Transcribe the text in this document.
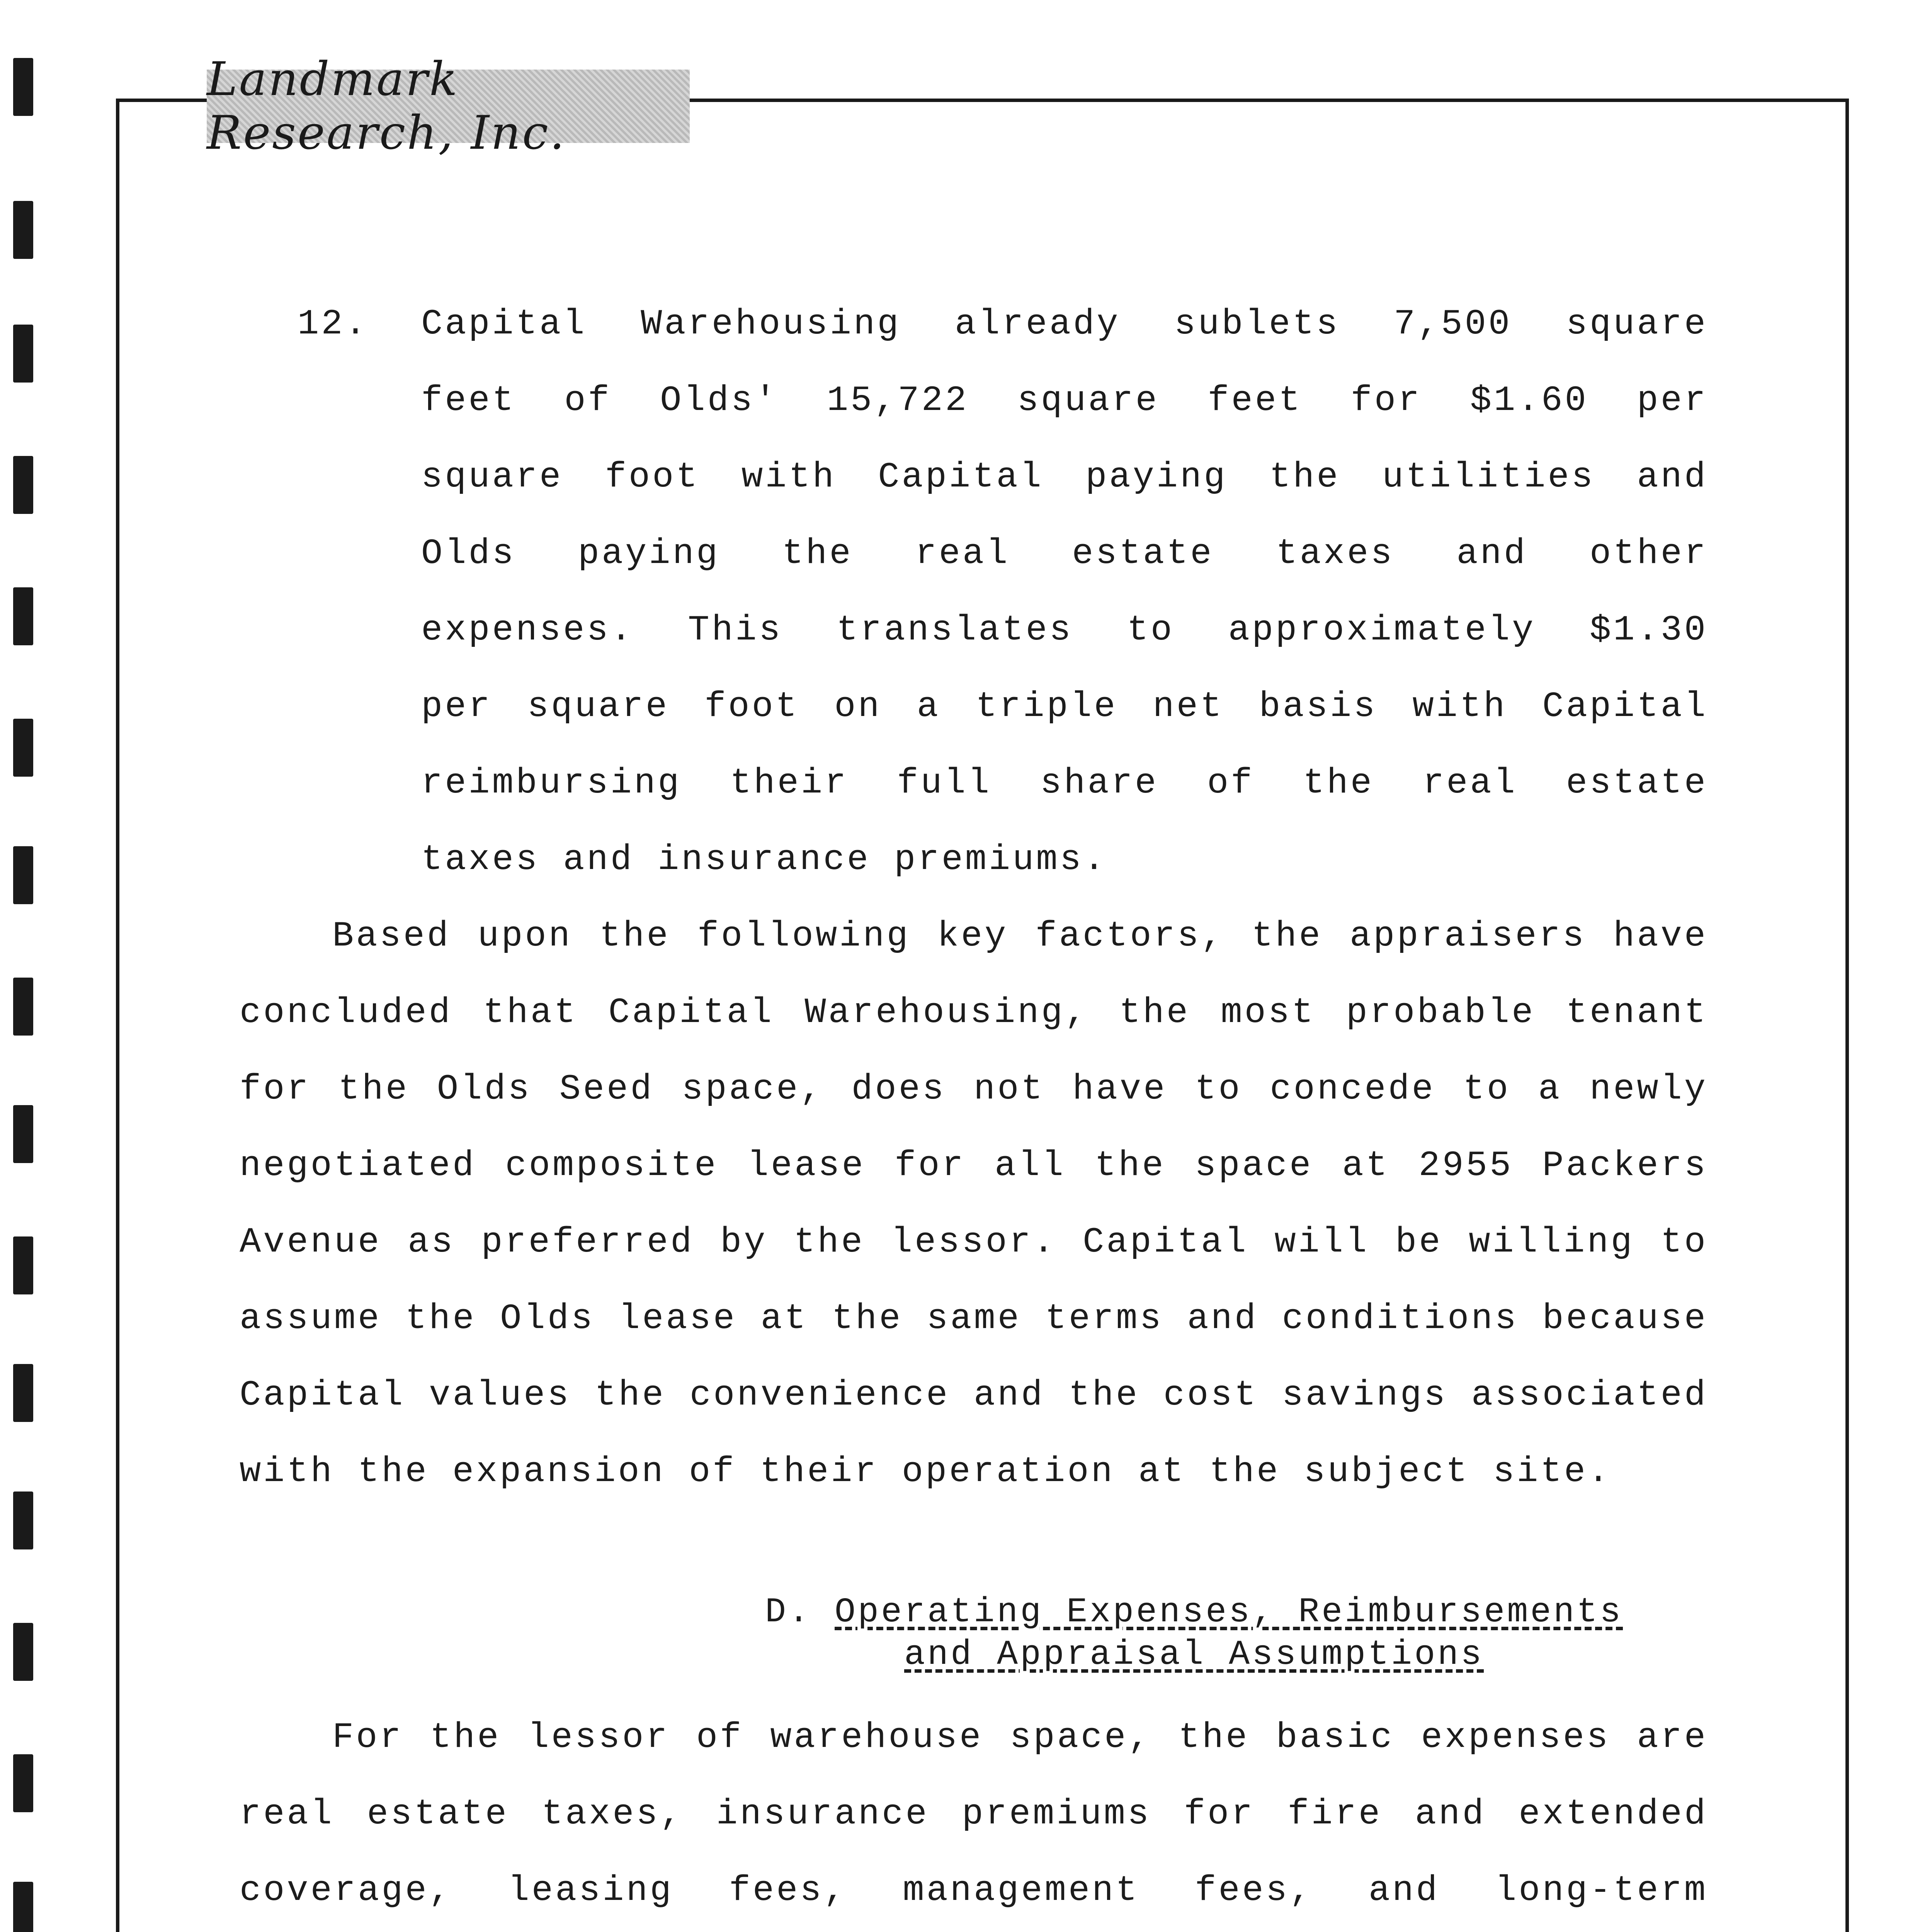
Landmark Research, Inc.
12.	Capital Warehousing already sublets 7,500 square
feet of Olds' 15,722 square feet for $1.60 per
square foot with Capital paying the utilities and
Olds paying the real estate taxes and other
expenses. This translates to approximately $1.30
per square foot on a triple net basis with Capital
reimbursing their full share of the real estate
taxes and insurance premiums.
Based upon the following key factors, the appraisers have
concluded that Capital Warehousing, the most probable tenant
for the Olds Seed space, does not have to concede to a newly
negotiated composite lease for all the space at 2955 Packers
Avenue as preferred by the lessor. Capital will be willing to
assume the Olds lease at the same terms and conditions because
Capital values the convenience and the cost savings associated
with the expansion of their operation at the subject site.
D. Operating Expenses, Reimbursements
and Appraisal Assumptions
For the lessor of warehouse space, the basic expenses are
real estate taxes, insurance premiums for fire and extended
coverage, leasing fees, management fees, and long-term
